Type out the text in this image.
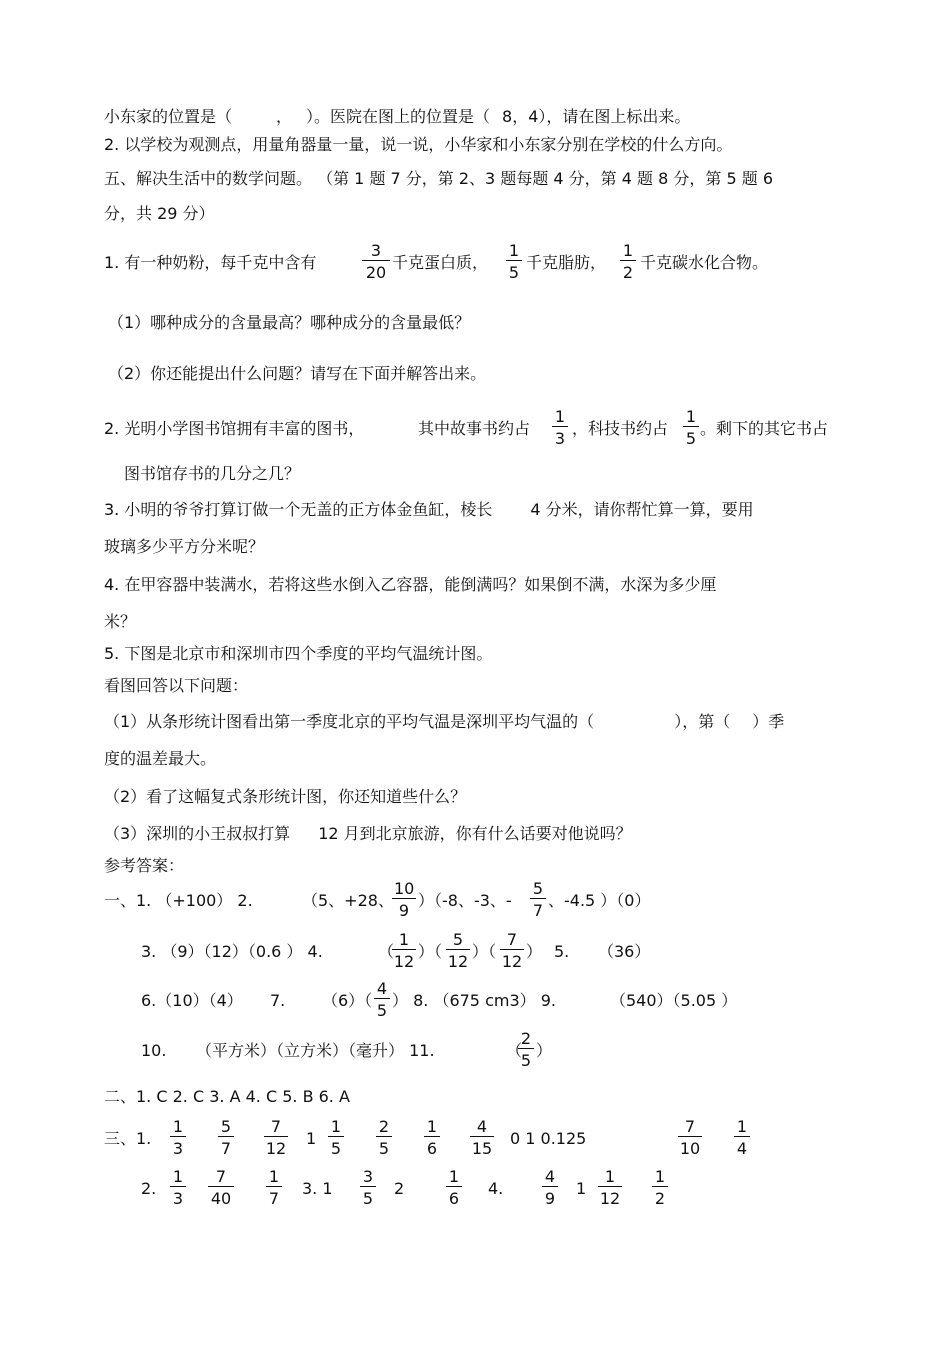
小东家的位置是（	， ）。医院在图上的位置是（ 8，4），请在图上标出来。
2. 以学校为观测点，用量角器量一量，说一说，小华家和小东家分别在学校的什么方向。
五、解决生活中的数学问题。 （第 1 题 7 分，第 2、3 题每题 4 分，第 4 题 8 分，第 5 题 6
分，共 29 分）
1. 有一种奶粉，每千克中含有
3
20
千克蛋白质，
1
5
千克脂肪，
1
2
千克碳水化合物。
（1）哪种成分的含量最高？哪种成分的含量最低？
（2）你还能提出什么问题？请写在下面并解答出来。
2. 光明小学图书馆拥有丰富的图书，	其中故事书约占
1
3
，科技书约占
1
5
。剩下的其它书占
图书馆存书的几分之几？
3. 小明的爷爷打算订做一个无盖的正方体金鱼缸，棱长 4 分米，请你帮忙算一算，要用
玻璃多少平方分米呢？
4. 在甲容器中装满水，若将这些水倒入乙容器，能倒满吗？如果倒不满，水深为多少厘
米？
5. 下图是北京市和深圳市四个季度的平均气温统计图。
看图回答以下问题：
（1）从条形统计图看出第一季度北京的平均气温是深圳平均气温的（	），第（ ）季
度的温差最大。
（2）看了这幅复式条形统计图，你还知道些什么？
（3）深圳的小王叔叔打算 12 月到北京旅游，你有什么话要对他说吗？
参考答案：
一、1. （+100） 2.	（5、+28、
10
9
）（-8、-3、-
5
7
、-4.5 ）（0）
3. （9）（12）（0.6 ） 4.	（
1
12
）（
5
12
）（
7
12
） 5. （36）
6.（10）（4） 7. （6）（
4
5
） 8. （675 cm3） 9.	（540）（5.05 ）
10. （平方米）（立方米）（毫升） 11.	（
2
5
）
二、1. C 2. C 3. A 4. C 5. B 6. A
三、1.
1
3
5
7
7
12
1
1
5
2
5
1
6
4
15
0 1 0.125
7
10
1
4
2.
1
3
7
40
1
7
3. 1
3
5
2
1
6
4.
4
9
1
1
12
1
2
